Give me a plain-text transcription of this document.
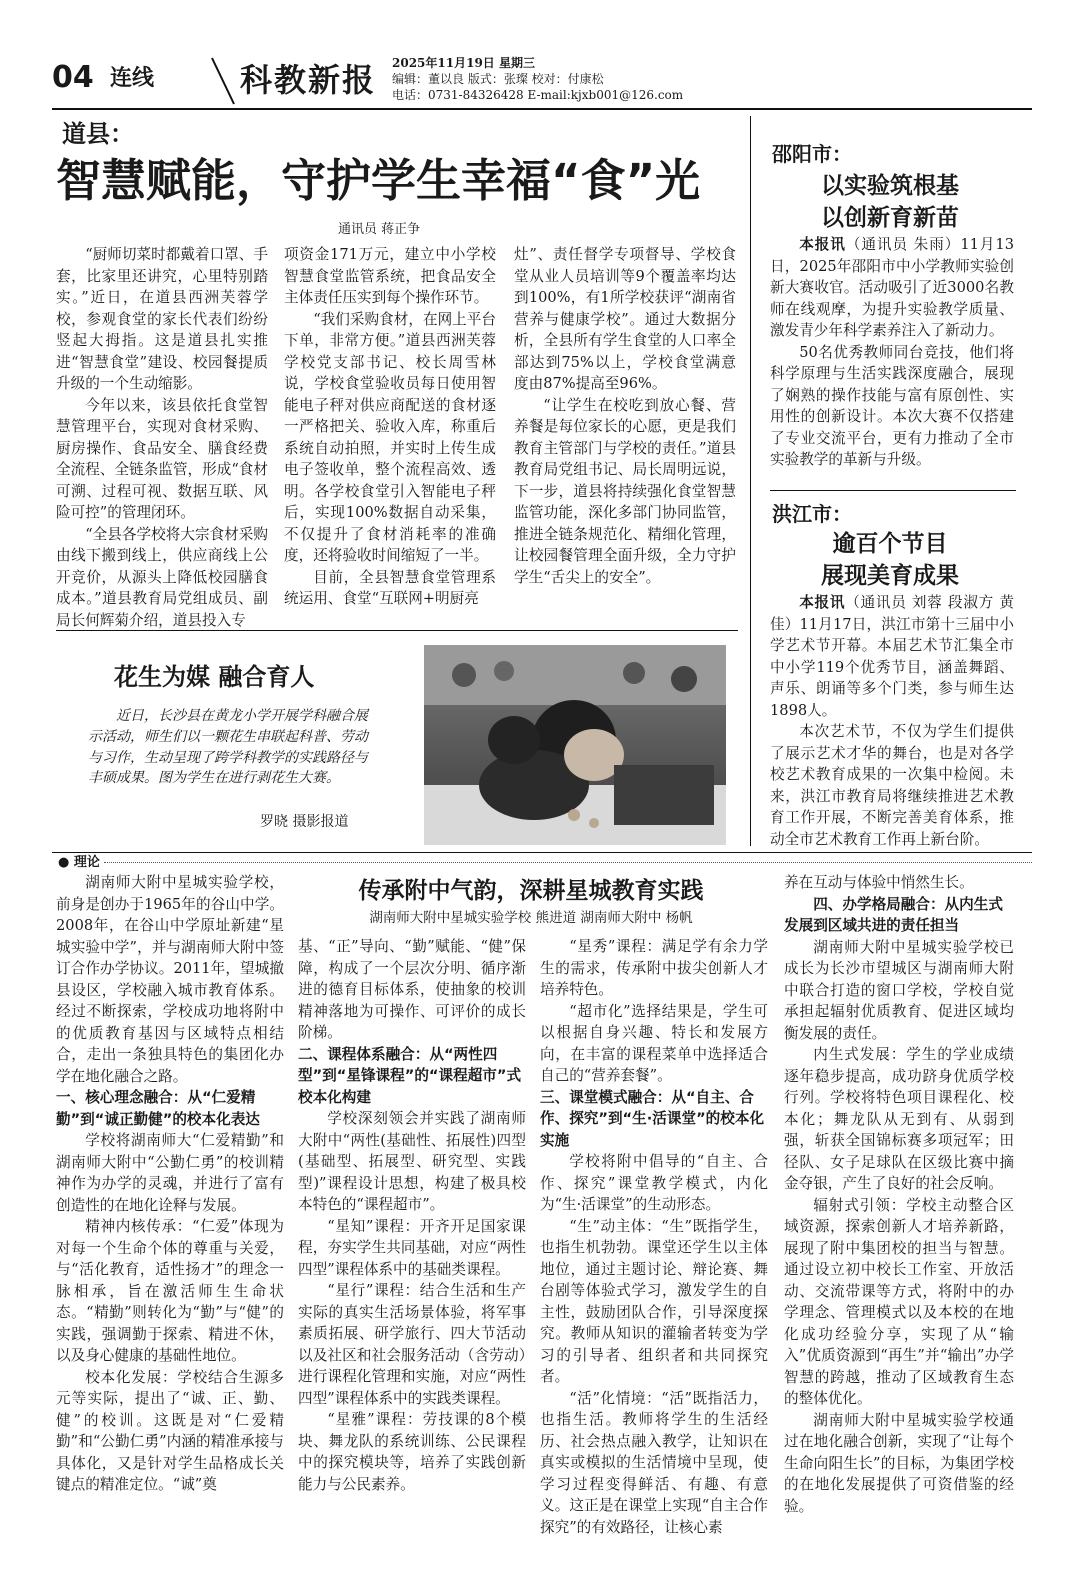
04 连线	科教新报 2025年11月19日 星期三
编辑：董以良 版式：张璨 校对：付康松
电话：0731-84326428 E-mail:kjxb001@126.com
道县：
智慧赋能，守护学生幸福“食”光
通讯员 蒋正争

“厨师切菜时都戴着口罩、手套，比家里还讲究，心里特别踏实。”近日，在道县西洲芙蓉学校，参观食堂的家长代表们纷纷竖起大拇指。这是道县扎实推进“智慧食堂”建设、校园餐提质升级的一个生动缩影。

今年以来，该县依托食堂智慧管理平台，实现对食材采购、厨房操作、食品安全、膳食经费全流程、全链条监管，形成“食材可溯、过程可视、数据互联、风险可控”的管理闭环。

“全县各学校将大宗食材采购由线下搬到线上，供应商线上公开竞价，从源头上降低校园膳食成本。”道县教育局党组成员、副局长何辉菊介绍，道县投入专

项资金171万元，建立中小学校智慧食堂监管系统，把食品安全主体责任压实到每个操作环节。

“我们采购食材，在网上平台下单，非常方便。”道县西洲芙蓉学校党支部书记、校长周雪林说，学校食堂验收员每日使用智能电子秤对供应商配送的食材逐一严格把关、验收入库，称重后系统自动拍照，并实时上传生成电子签收单，整个流程高效、透明。各学校食堂引入智能电子秤后，实现100%数据自动采集，不仅提升了食材消耗率的准确度，还将验收时间缩短了一半。

目前，全县智慧食堂管理系统运用、食堂“互联网+明厨亮

灶”、责任督学专项督导、学校食堂从业人员培训等9个覆盖率均达到100%，有1所学校获评“湖南省营养与健康学校”。通过大数据分析，全县所有学生食堂的人口率全部达到75%以上，学校食堂满意度由87%提高至96%。

“让学生在校吃到放心餐、营养餐是每位家长的心愿，更是我们教育主管部门与学校的责任。”道县教育局党组书记、局长周明远说，下一步，道县将持续强化食堂智慧监管功能，深化多部门协同监管，推进全链条规范化、精细化管理，让校园餐管理全面升级，全力守护学生“舌尖上的安全”。

邵阳市：
以实验筑根基
以创新育新苗

本报讯（通讯员 朱雨）11月13日，2025年邵阳市中小学教师实验创新大赛收官。活动吸引了近3000名教师在线观摩，为提升实验教学质量、激发青少年科学素养注入了新动力。

50名优秀教师同台竞技，他们将科学原理与生活实践深度融合，展现了娴熟的操作技能与富有原创性、实用性的创新设计。本次大赛不仅搭建了专业交流平台，更有力推动了全市实验教学的革新与升级。

洪江市：
逾百个节目
展现美育成果

本报讯（通讯员 刘蓉 段淑方 黄佳）11月17日，洪江市第十三届中小学艺术节开幕。本届艺术节汇集全市中小学119个优秀节目，涵盖舞蹈、声乐、朗诵等多个门类，参与师生达1898人。

本次艺术节，不仅为学生们提供了展示艺术才华的舞台，也是对各学校艺术教育成果的一次集中检阅。未来，洪江市教育局将继续推进艺术教育工作开展，不断完善美育体系，推动全市艺术教育工作再上新台阶。

花生为媒 融合育人

近日，长沙县在黄龙小学开展学科融合展示活动，师生们以一颗花生串联起科普、劳动与习作，生动呈现了跨学科教学的实践路径与丰硕成果。图为学生在进行剥花生大赛。

罗晓 摄影报道
● 理论
传承附中气韵，深耕星城教育实践
湖南师大附中星城实验学校 熊进道 湖南师大附中 杨帆

湖南师大附中星城实验学校，前身是创办于1965年的谷山中学。2008年，在谷山中学原址新建“星城实验中学”，并与湖南师大附中签订合作办学协议。2011年，望城撤县设区，学校融入城市教育体系。经过不断探索，学校成功地将附中的优质教育基因与区域特点相结合，走出一条独具特色的集团化办学在地化融合之路。

一、核心理念融合：从“仁爱精勤”到“诚正勤健”的校本化表达

学校将湖南师大“仁爱精勤”和湖南师大附中“公勤仁勇”的校训精神作为办学的灵魂，并进行了富有创造性的在地化诠释与发展。

精神内核传承：“仁爱”体现为对每一个生命个体的尊重与关爱，与“活化教育，适性扬才”的理念一脉相承，旨在激活师生生命状态。“精勤”则转化为“勤”与“健”的实践，强调勤于探索、精进不休，以及身心健康的基础性地位。

校本化发展：学校结合生源多元等实际，提出了“诚、正、勤、健”的校训。这既是对“仁爱精勤”和“公勤仁勇”内涵的精准承接与具体化，又是针对学生品格成长关键点的精准定位。“诚”奠

基、“正”导向、“勤”赋能、“健”保障，构成了一个层次分明、循序渐进的德育目标体系，使抽象的校训精神落地为可操作、可评价的成长阶梯。

二、课程体系融合：从“两性四型”到“星锋课程”的“课程超市”式校本化构建

学校深刻领会并实践了湖南师大附中“两性(基础性、拓展性)四型(基础型、拓展型、研究型、实践型)”课程设计思想，构建了极具校本特色的“课程超市”。

“星知”课程：开齐开足国家课程，夯实学生共同基础，对应“两性四型”课程体系中的基础类课程。

“星行”课程：结合生活和生产实际的真实生活场景体验，将军事素质拓展、研学旅行、四大节活动以及社区和社会服务活动（含劳动）进行课程化管理和实施，对应“两性四型”课程体系中的实践类课程。

“星雅”课程：劳技课的8个模块、舞龙队的系统训练、公民课程中的探究模块等，培养了实践创新能力与公民素养。

“星秀”课程：满足学有余力学生的需求，传承附中拔尖创新人才培养特色。

“超市化”选择结果是，学生可以根据自身兴趣、特长和发展方向，在丰富的课程菜单中选择适合自己的“营养套餐”。

三、课堂模式融合：从“自主、合作、探究”到“生·活课堂”的校本化实施

学校将附中倡导的“自主、合作、探究”课堂教学模式，内化为“生·活课堂”的生动形态。

“生”动主体：“生”既指学生，也指生机勃勃。课堂还学生以主体地位，通过主题讨论、辩论赛、舞台剧等体验式学习，激发学生的自主性，鼓励团队合作，引导深度探究。教师从知识的灌输者转变为学习的引导者、组织者和共同探究者。

“活”化情境：“活”既指活力，也指生活。教师将学生的生活经历、社会热点融入教学，让知识在真实或模拟的生活情境中呈现，使学习过程变得鲜活、有趣、有意义。这正是在课堂上实现“自主合作探究”的有效路径，让核心素

养在互动与体验中悄然生长。

四、办学格局融合：从内生式发展到区域共进的责任担当

湖南师大附中星城实验学校已成长为长沙市望城区与湖南师大附中联合打造的窗口学校，学校自觉承担起辐射优质教育、促进区域均衡发展的责任。

内生式发展：学生的学业成绩逐年稳步提高，成功跻身优质学校行列。学校将特色项目课程化、校本化；舞龙队从无到有、从弱到强，斩获全国锦标赛多项冠军；田径队、女子足球队在区级比赛中摘金夺银，产生了良好的社会反响。

辐射式引领：学校主动整合区域资源，探索创新人才培养新路，展现了附中集团校的担当与智慧。通过设立初中校长工作室、开放活动、交流带课等方式，将附中的办学理念、管理模式以及本校的在地化成功经验分享，实现了从“输入”优质资源到“再生”并“输出”办学智慧的跨越，推动了区域教育生态的整体优化。

湖南师大附中星城实验学校通过在地化融合创新，实现了“让每个生命向阳生长”的目标，为集团学校的在地化发展提供了可资借鉴的经验。
